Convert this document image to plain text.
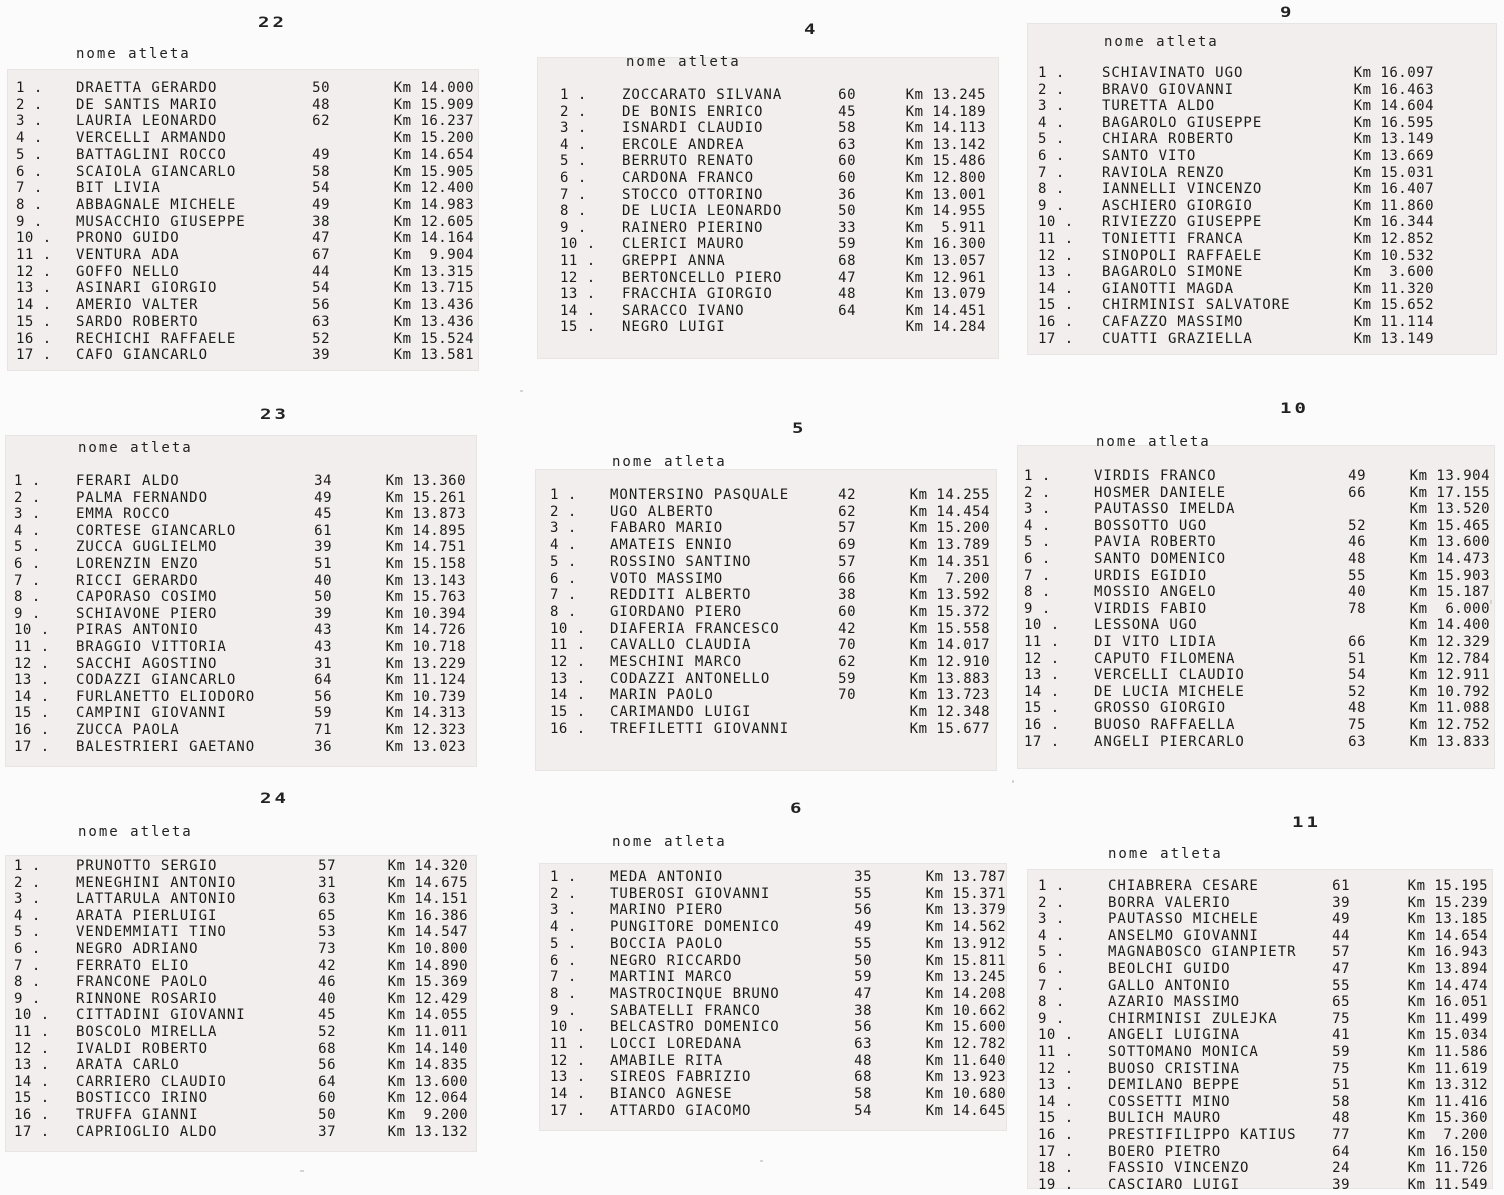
22
nome atleta
1 .	DRAETTA GERARDO	50	Km 14.000
2 .	DE SANTIS MARIO	48	Km 15.909
3 .	LAURIA LEONARDO	62	Km 16.237
4 .	VERCELLI ARMANDO	Km 15.200
5 .	BATTAGLINI ROCCO	49	Km 14.654
6 .	SCAIOLA GIANCARLO	58	Km 15.905
7 .	BIT LIVIA	54	Km 12.400
8 .	ABBAGNALE MICHELE	49	Km 14.983
9 .	MUSACCHIO GIUSEPPE	38	Km 12.605
10 .	PRONO GUIDO	47	Km 14.164
11 .	VENTURA ADA	67	Km  9.904
12 .	GOFFO NELLO	44	Km 13.315
13 .	ASINARI GIORGIO	54	Km 13.715
14 .	AMERIO VALTER	56	Km 13.436
15 .	SARDO ROBERTO	63	Km 13.436
16 .	RECHICHI RAFFAELE	52	Km 15.524
17 .	CAFO GIANCARLO	39	Km 13.581
4
nome atleta
1 .	ZOCCARATO SILVANA	60	Km 13.245
2 .	DE BONIS ENRICO	45	Km 14.189
3 .	ISNARDI CLAUDIO	58	Km 14.113
4 .	ERCOLE ANDREA	63	Km 13.142
5 .	BERRUTO RENATO	60	Km 15.486
6 .	CARDONA FRANCO	60	Km 12.800
7 .	STOCCO OTTORINO	36	Km 13.001
8 .	DE LUCIA LEONARDO	50	Km 14.955
9 .	RAINERO PIERINO	33	Km  5.911
10 .	CLERICI MAURO	59	Km 16.300
11 .	GREPPI ANNA	68	Km 13.057
12 .	BERTONCELLO PIERO	47	Km 12.961
13 .	FRACCHIA GIORGIO	48	Km 13.079
14 .	SARACCO IVANO	64	Km 14.451
15 .	NEGRO LUIGI	Km 14.284
9
nome atleta
1 .	SCHIAVINATO UGO	Km 16.097
2 .	BRAVO GIOVANNI	Km 16.463
3 .	TURETTA ALDO	Km 14.604
4 .	BAGAROLO GIUSEPPE	Km 16.595
5 .	CHIARA ROBERTO	Km 13.149
6 .	SANTO VITO	Km 13.669
7 .	RAVIOLA RENZO	Km 15.031
8 .	IANNELLI VINCENZO	Km 16.407
9 .	ASCHIERO GIORGIO	Km 11.860
10 .	RIVIEZZO GIUSEPPE	Km 16.344
11 .	TONIETTI FRANCA	Km 12.852
12 .	SINOPOLI RAFFAELE	Km 10.532
13 .	BAGAROLO SIMONE	Km  3.600
14 .	GIANOTTI MAGDA	Km 11.320
15 .	CHIRMINISI SALVATORE	Km 15.652
16 .	CAFAZZO MASSIMO	Km 11.114
17 .	CUATTI GRAZIELLA	Km 13.149
23
nome atleta
1 .	FERARI ALDO	34	Km 13.360
2 .	PALMA FERNANDO	49	Km 15.261
3 .	EMMA ROCCO	45	Km 13.873
4 .	CORTESE GIANCARLO	61	Km 14.895
5 .	ZUCCA GUGLIELMO	39	Km 14.751
6 .	LORENZIN ENZO	51	Km 15.158
7 .	RICCI GERARDO	40	Km 13.143
8 .	CAPORASO COSIMO	50	Km 15.763
9 .	SCHIAVONE PIERO	39	Km 10.394
10 .	PIRAS ANTONIO	43	Km 14.726
11 .	BRAGGIO VITTORIA	43	Km 10.718
12 .	SACCHI AGOSTINO	31	Km 13.229
13 .	CODAZZI GIANCARLO	64	Km 11.124
14 .	FURLANETTO ELIODORO	56	Km 10.739
15 .	CAMPINI GIOVANNI	59	Km 14.313
16 .	ZUCCA PAOLA	71	Km 12.323
17 .	BALESTRIERI GAETANO	36	Km 13.023
5
nome atleta
1 .	MONTERSINO PASQUALE	42	Km 14.255
2 .	UGO ALBERTO	62	Km 14.454
3 .	FABARO MARIO	57	Km 15.200
4 .	AMATEIS ENNIO	69	Km 13.789
5 .	ROSSINO SANTINO	57	Km 14.351
6 .	VOTO MASSIMO	66	Km  7.200
7 .	REDDITI ALBERTO	38	Km 13.592
8 .	GIORDANO PIERO	60	Km 15.372
10 .	DIAFERIA FRANCESCO	42	Km 15.558
11 .	CAVALLO CLAUDIA	70	Km 14.017
12 .	MESCHINI MARCO	62	Km 12.910
13 .	CODAZZI ANTONELLO	59	Km 13.883
14 .	MARIN PAOLO	70	Km 13.723
15 .	CARIMANDO LUIGI	Km 12.348
16 .	TREFILETTI GIOVANNI	Km 15.677
10
nome atleta
1 .	VIRDIS FRANCO	49	Km 13.904
2 .	HOSMER DANIELE	66	Km 17.155
3 .	PAUTASSO IMELDA	Km 13.520
4 .	BOSSOTTO UGO	52	Km 15.465
5 .	PAVIA ROBERTO	46	Km 13.600
6 .	SANTO DOMENICO	48	Km 14.473
7 .	URDIS EGIDIO	55	Km 15.903
8 .	MOSSIO ANGELO	40	Km 15.187
9 .	VIRDIS FABIO	78	Km  6.000
10 .	LESSONA UGO	Km 14.400
11 .	DI VITO LIDIA	66	Km 12.329
12 .	CAPUTO FILOMENA	51	Km 12.784
13 .	VERCELLI CLAUDIO	54	Km 12.911
14 .	DE LUCIA MICHELE	52	Km 10.792
15 .	GROSSO GIORGIO	48	Km 11.088
16 .	BUOSO RAFFAELLA	75	Km 12.752
17 .	ANGELI PIERCARLO	63	Km 13.833
24
nome atleta
1 .	PRUNOTTO SERGIO	57	Km 14.320
2 .	MENEGHINI ANTONIO	31	Km 14.675
3 .	LATTARULA ANTONIO	63	Km 14.151
4 .	ARATA PIERLUIGI	65	Km 16.386
5 .	VENDEMMIATI TINO	53	Km 14.547
6 .	NEGRO ADRIANO	73	Km 10.800
7 .	FERRATO ELIO	42	Km 14.890
8 .	FRANCONE PAOLO	46	Km 15.369
9 .	RINNONE ROSARIO	40	Km 12.429
10 .	CITTADINI GIOVANNI	45	Km 14.055
11 .	BOSCOLO MIRELLA	52	Km 11.011
12 .	IVALDI ROBERTO	68	Km 14.140
13 .	ARATA CARLO	56	Km 14.835
14 .	CARRIERO CLAUDIO	64	Km 13.600
15 .	BOSTICCO IRINO	60	Km 12.064
16 .	TRUFFA GIANNI	50	Km  9.200
17 .	CAPRIOGLIO ALDO	37	Km 13.132
6
nome atleta
1 .	MEDA ANTONIO	35	Km 13.787
2 .	TUBEROSI GIOVANNI	55	Km 15.371
3 .	MARINO PIERO	56	Km 13.379
4 .	PUNGITORE DOMENICO	49	Km 14.562
5 .	BOCCIA PAOLO	55	Km 13.912
6 .	NEGRO RICCARDO	50	Km 15.811
7 .	MARTINI MARCO	59	Km 13.245
8 .	MASTROCINQUE BRUNO	47	Km 14.208
9 .	SABATELLI FRANCO	38	Km 10.662
10 .	BELCASTRO DOMENICO	56	Km 15.600
11 .	LOCCI LOREDANA	63	Km 12.782
12 .	AMABILE RITA	48	Km 11.640
13 .	SIREOS FABRIZIO	68	Km 13.923
14 .	BIANCO AGNESE	58	Km 10.680
17 .	ATTARDO GIACOMO	54	Km 14.645
11
nome atleta
1 .	CHIABRERA CESARE	61	Km 15.195
2 .	BORRA VALERIO	39	Km 15.239
3 .	PAUTASSO MICHELE	49	Km 13.185
4 .	ANSELMO GIOVANNI	44	Km 14.654
5 .	MAGNABOSCO GIANPIETR	57	Km 16.943
6 .	BEOLCHI GUIDO	47	Km 13.894
7 .	GALLO ANTONIO	55	Km 14.474
8 .	AZARIO MASSIMO	65	Km 16.051
9 .	CHIRMINISI ZULEJKA	75	Km 11.499
10 .	ANGELI LUIGINA	41	Km 15.034
11 .	SOTTOMANO MONICA	59	Km 11.586
12 .	BUOSO CRISTINA	75	Km 11.619
13 .	DEMILANO BEPPE	51	Km 13.312
14 .	COSSETTI MINO	58	Km 11.416
15 .	BULICH MAURO	48	Km 15.360
16 .	PRESTIFILIPPO KATIUS	77	Km  7.200
17 .	BOERO PIETRO	64	Km 16.150
18 .	FASSIO VINCENZO	24	Km 11.726
19 .	CASCIARO LUIGI	39	Km 11.549
